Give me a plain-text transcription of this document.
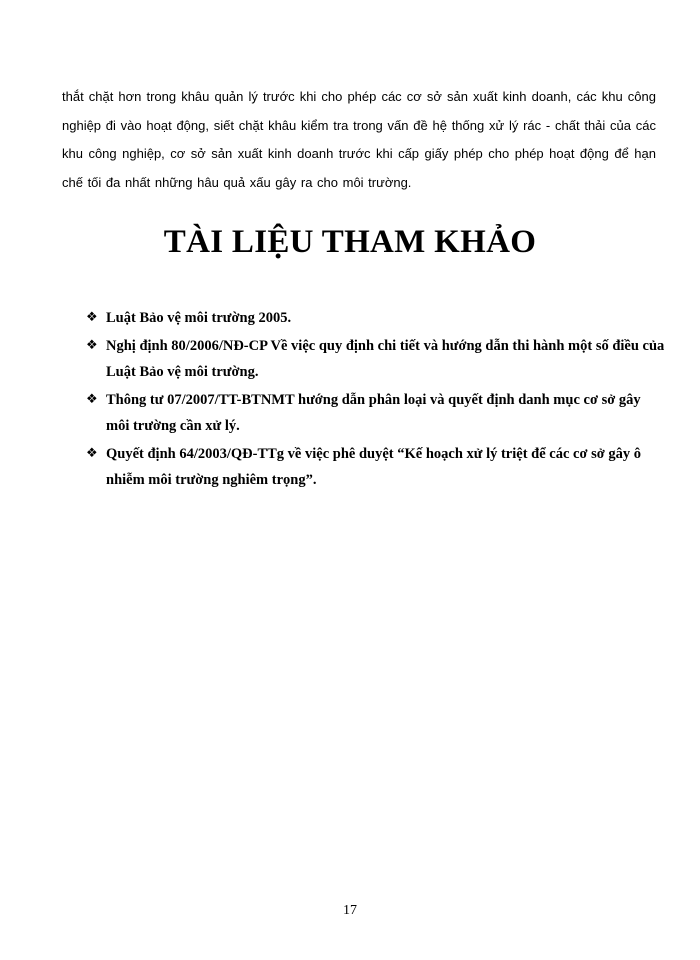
thắt chặt hơn trong khâu quản lý trước khi cho phép các cơ sở sản xuất kinh doanh, các khu công nghiệp đi vào hoạt động, siết chặt khâu kiểm tra trong vấn đề hệ thống xử lý rác - chất thải của các khu công nghiệp, cơ sở sản xuất kinh doanh trước khi cấp giấy phép cho phép hoạt động để hạn chế tối đa nhất những hâu quả xấu gây ra cho môi trường.

TÀI LIỆU THAM KHẢO
❖ Luật Bảo vệ môi trường 2005.
❖ Nghị định 80/2006/NĐ-CP Về việc quy định chi tiết và hướng dẫn thi hành một số điều của Luật Bảo vệ môi trường.
❖ Thông tư 07/2007/TT-BTNMT hướng dẫn phân loại và quyết định danh mục cơ sở gây môi trường cần xử lý.
❖ Quyết định 64/2003/QĐ-TTg về việc phê duyệt “Kế hoạch xử lý triệt để các cơ sở gây ô nhiễm môi trường nghiêm trọng”.
17
